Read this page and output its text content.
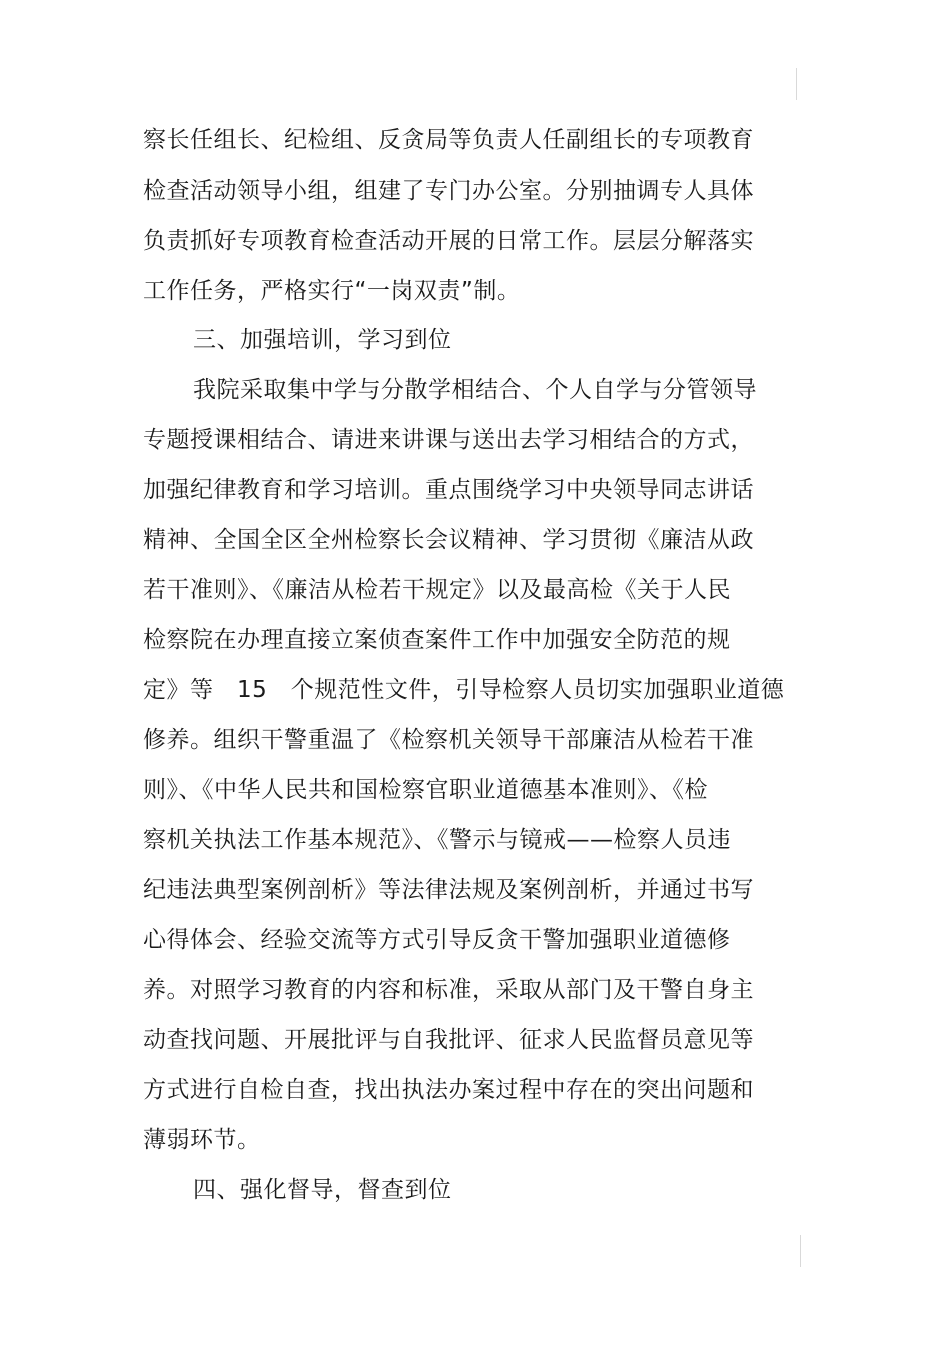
察长任组长、纪检组、反贪局等负责人任副组长的专项教育
检查活动领导小组，组建了专门办公室。分别抽调专人具体
负责抓好专项教育检查活动开展的日常工作。层层分解落实
工作任务，严格实行“一岗双责”制。
三、加强培训，学习到位
我院采取集中学与分散学相结合、个人自学与分管领导
专题授课相结合、请进来讲课与送出去学习相结合的方式，
加强纪律教育和学习培训。重点围绕学习中央领导同志讲话
精神、全国全区全州检察长会议精神、学习贯彻《廉洁从政
若干准则》、《廉洁从检若干规定》以及最高检《关于人民
检察院在办理直接立案侦查案件工作中加强安全防范的规
定》等　15　个规范性文件，引导检察人员切实加强职业道德
修养。组织干警重温了《检察机关领导干部廉洁从检若干准
则》、《中华人民共和国检察官职业道德基本准则》、《检
察机关执法工作基本规范》、《警示与镜戒——检察人员违
纪违法典型案例剖析》等法律法规及案例剖析，并通过书写
心得体会、经验交流等方式引导反贪干警加强职业道德修
养。对照学习教育的内容和标准，采取从部门及干警自身主
动查找问题、开展批评与自我批评、征求人民监督员意见等
方式进行自检自查，找出执法办案过程中存在的突出问题和
薄弱环节。
四、强化督导，督查到位
